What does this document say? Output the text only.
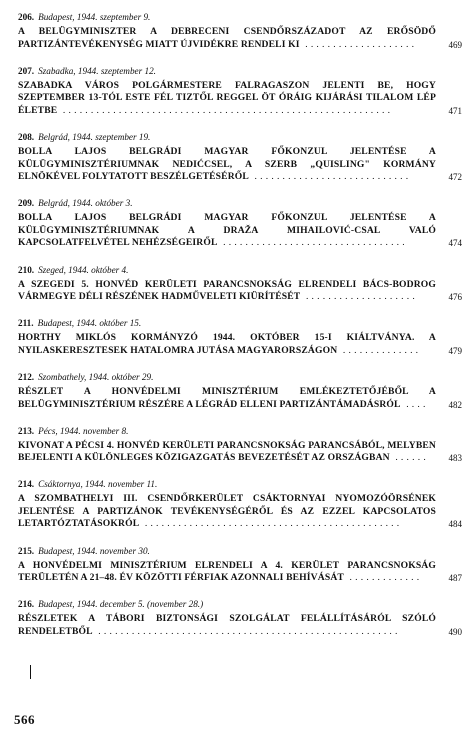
206. Budapest, 1944. szeptember 9.
A BELÜGYMINISZTER A DEBRECENI CSENDŐRSZÁZADOT AZ ERŐSÖDŐ PARTIZÁNTEVÉKENYSÉG MIATT ÚJVIDÉKRE RENDELI KI ....................	469
207. Szabadka, 1944. szeptember 12.
SZABADKA VÁROS POLGÁRMESTERE FALRAGASZON JELENTI BE, HOGY SZEPTEMBER 13-TÓL ESTE FÉL TIZTŐL REGGEL ÖT ÓRÁIG KIJÁRÁSI TILALOM LÉP ÉLETBE ...........................................................	471
208. Belgrád, 1944. szeptember 19.
BOLLA LAJOS BELGRÁDI MAGYAR FŐKONZUL JELENTÉSE A KÜLÜGYMINISZTÉRIUMNAK NEDIĆCSEL, A SZERB „QUISLING" KORMÁNY ELNÖKÉVEL FOLYTATOTT BESZÉLGETÉSÉRŐL ............................	472
209. Belgrád, 1944. október 3.
BOLLA LAJOS BELGRÁDI MAGYAR FŐKONZUL JELENTÉSE A KÜLÜGYMINISZTÉRIUMNAK A DRAŽA MIHAILOVIĆ-CSAL VALÓ KAPCSOLATFELVÉTEL NEHÉZSÉGEIRŐL .................................	474
210. Szeged, 1944. október 4.
A SZEGEDI 5. HONVÉD KERÜLETI PARANCSNOKSÁG ELRENDELI BÁCS-BODROG VÁRMEGYE DÉLI RÉSZÉNEK HADMŰVELETI KIÜRÍTÉSÉT ....................	476
211. Budapest, 1944. október 15.
HORTHY MIKLÓS KORMÁNYZÓ 1944. OKTÓBER 15-I KIÁLTVÁNYA. A NYILASKERESZTESEK HATALOMRA JUTÁSA MAGYARORSZÁGON ..............	479
212. Szombathely, 1944. október 29.
RÉSZLET A HONVÉDELMI MINISZTÉRIUM EMLÉKEZTETŐJÉBŐL A BELÜGYMINISZTÉRIUM RÉSZÉRE A LÉGRÁD ELLENI PARTIZÁNTÁMADÁSRÓL ....	482
213. Pécs, 1944. november 8.
KIVONAT A PÉCSI 4. HONVÉD KERÜLETI PARANCSNOKSÁG PARANCSÁBÓL, MELYBEN BEJELENTI A KÜLÖNLEGES KÖZIGAZGATÁS BEVEZETÉSÉT AZ ORSZÁGBAN ......	483
214. Csáktornya, 1944. november 11.
A SZOMBATHELYI III. CSENDŐRKERÜLET CSÁKTORNYAI NYOMOZÓÖRSÉNEK JELENTÉSE A PARTIZÁNOK TEVÉKENYSÉGÉRŐL ÉS AZ EZZEL KAPCSOLATOS LETARTÓZTATÁSOKRÓL ..............................................	484
215. Budapest, 1944. november 30.
A HONVÉDELMI MINISZTÉRIUM ELRENDELI A 4. KERÜLET PARANCSNOKSÁG TERÜLETÉN A 21–48. ÉV KÖZÖTTI FÉRFIAK AZONNALI BEHÍVÁSÁT .............	487
216. Budapest, 1944. december 5. (november 28.)
RÉSZLETEK A TÁBORI BIZTONSÁGI SZOLGÁLAT FELÁLLÍTÁSÁRÓL SZÓLÓ RENDELETBŐL ......................................................	490
566
